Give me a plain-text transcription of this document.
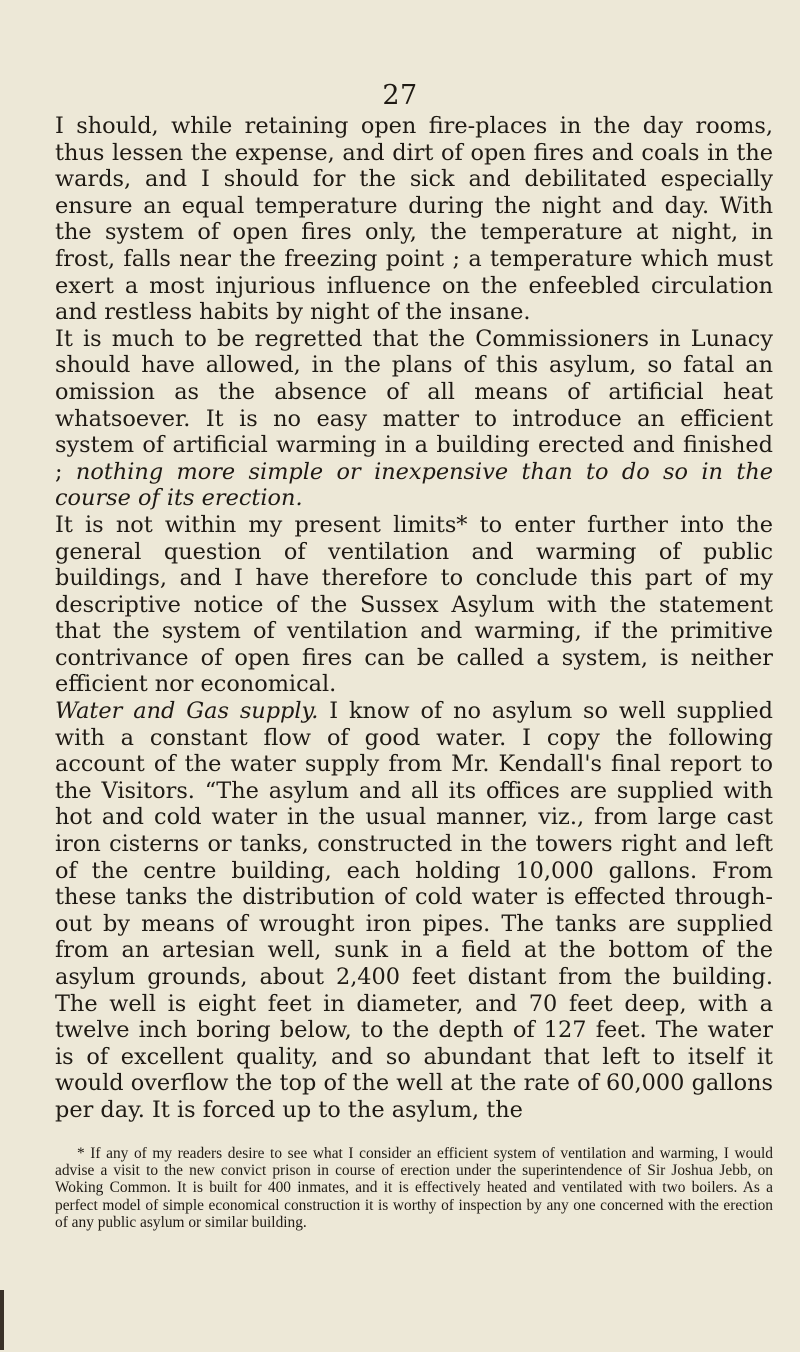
27

I should, while retaining open fire-places in the day rooms, thus lessen the expense, and dirt of open fires and coals in the wards, and I should for the sick and debilitated especially ensure an equal temperature during the night and day. With the system of open fires only, the temperature at night, in frost, falls near the freezing point ; a temperature which must exert a most injurious influence on the enfeebled circulation and restless habits by night of the insane.

It is much to be regretted that the Commissioners in Lunacy should have allowed, in the plans of this asylum, so fatal an omission as the absence of all means of artificial heat whatsoever. It is no easy matter to introduce an efficient system of artificial warming in a building erected and finished ; nothing more simple or inexpensive than to do so in the course of its erection.

It is not within my present limits* to enter further into the general question of ventilation and warming of public buildings, and I have therefore to conclude this part of my descriptive notice of the Sussex Asylum with the statement that the system of ventilation and warming, if the primitive contrivance of open fires can be called a system, is neither efficient nor economical.

Water and Gas supply. I know of no asylum so well supplied with a constant flow of good water. I copy the following account of the water supply from Mr. Kendall's final report to the Visitors. “The asylum and all its offices are supplied with hot and cold water in the usual manner, viz., from large cast iron cisterns or tanks, constructed in the towers right and left of the centre building, each holding 10,000 gallons. From these tanks the distribution of cold water is effected throughout by means of wrought iron pipes. The tanks are supplied from an artesian well, sunk in a field at the bottom of the asylum grounds, about 2,400 feet distant from the building. The well is eight feet in diameter, and 70 feet deep, with a twelve inch boring below, to the depth of 127 feet. The water is of excellent quality, and so abundant that left to itself it would overflow the top of the well at the rate of 60,000 gallons per day. It is forced up to the asylum, the

* If any of my readers desire to see what I consider an efficient system of ventilation and warming, I would advise a visit to the new convict prison in course of erection under the superintendence of Sir Joshua Jebb, on Woking Common. It is built for 400 inmates, and it is effectively heated and ventilated with two boilers. As a perfect model of simple economical construction it is worthy of inspection by any one concerned with the erection of any public asylum or similar building.
